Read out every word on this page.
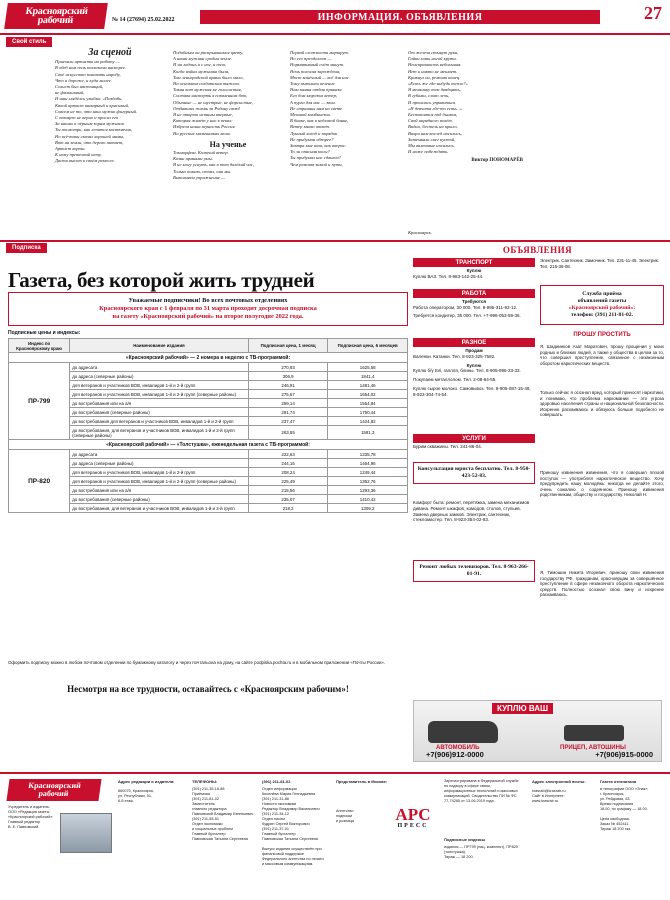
Красноярский
рабочий	№ 14 (27694) 25.02.2022	ИНФОРМАЦИЯ. ОБЪЯВЛЕНИЯ	27
Свой стиль
За сценой

Приехали артисты на работу —

В обед ном поль колхозном наскорее.

Своё искусство показать народу,

Что и дороже, и куда милее.

Солист был настоящий,

не фальшивый,

И наш глядёлсь улыбка: «Поздабь,

Какой артист шикарный и красивый,

Совсем не то, что наш мужик фигурный.

С певицею не верно и просил его

За наших к чёрным зорям мужиков.

Ты посмотри, как лепится костюмчик,

Но всё-таки сказал хорошей мамы,

Вот на земли, что дерево питает,

Артист хорош.

К нему претензий нету,

Дасти высот в своём ремесле.

Подобным он раскрывшимся цвету,

А наши мужики сродни земле.

И на ладонь и с ног, и поло,

Когда война мужишка была,

Там лениградской армии было мало,

На основном солдатская тяжела.

Такая вот мужская не голосистая,

Состава настерть в плюменном бою,

Обычные — не шустрые, не форсистые,

Отдавших жизнь за Родину свою!

Я не открою истины впервые,

Которая живёт у нас в веках:

Избрела наша верность Россия

На русских мальчишках моих.

На ученье

Токморфом. Колючий ветер.

Козни армиями умы.

Я не могу уснуть, как в тот далёкий час,

Только помню, стоял, она мы.

Выполняем упражнение —

Первой сложности маршрут.

Но его преодолеем —

Нормативный счёт минут.

Ночь полосая зарождена,

Мост конёчный — всё для нас.

Тому выполнен веление

Нам камня отдан приказа.

Его дом морозом ветер,

А пурга для нас — звон.

Не страшны нам на свете

Меховой комбинезон.

В банке, как в неделкой банке,

Ветер мягко ответ.

Лунный холод и порядок

Не придуман обзорее?

Завтра мне наш, как вопрос:

То ли опасная косы?

Ты придумал нас сдвигал?

Чем ремонт зимой и пути,

От железа стынут руки,

Гайки хоть ногой крути.

Неисправность небольшая.

Нет и никто не мешает.

Крикнул он, ремонт конец:

«Есть же где-нибудь тепло?»

Я механику тем двадцать,

В губами, слово лечь,

И прошлось управиться

«И девчата где-то есть...»

Беспокоится под дымом,

Свой нарядного полёт.

Видно, бестель на крыло.

Вихри нам вослед носились,

Затемняли снег пустой,

Мы вахтовые носились.

И ноже побеждать.

Виктор ПОНОМАРЁВ
Красноярск.
Подписка
Газета, без которой жить трудней
Уважаемые подписчики! Во всех почтовых отделениях
Красноярского края с 1 февраля по 31 марта проходит досрочная подписка
на газету «Красноярский рабочий» на второе полугодие 2022 года.
Подписные цены и индексы:
Индекс по Красноярскому краю	Наименование издания	Подписная цена, 1 месяц	Подписная цена, 6 месяцев
«Красноярский рабочий» — 2 номера в неделю с ТВ-программой:			
ПР-799	до адресата	270,93	1625,58
	до адреса (северные районы)	306,9	1841,4
	для ветеранов и участников ВОВ, инвалидов 1-й и 2-й групп	246,91	1481,46
	для ветеранов и участников ВОВ, инвалидов 1-й и 2-й групп (северные районы)	275,67	1654,02
	до востребования или на а/я	259,14	1554,84
	до востребования (северные районы)	291,74	1750,44
	до востребования для ветеранов и участников ВОВ, инвалидов 1-й и 2-й групп	237,47	1424,82
	до востребования, для ветеранов и участников ВОВ, инвалидов 1-й и 2-й групп (северные районы)	263,55	1581,3
«Красноярский рабочий» — «Толстушка», еженедельная газета с ТВ-программой:			
ПР-820	до адресата	222,63	1335,78
	до адреса (северные районы)	244,16	1464,96
	для ветеранов и участников ВОВ, инвалидов 1-й и 2-й групп	208,24	1249,44
	для ветеранов и участников ВОВ, инвалидов 1-й и 2-й групп (северные районы)	225,49	1352,76
	до востребования или на а/я	215,56	1293,36
	до востребования (северные районы)	235,07	1410,42
	до востребования, для ветеранов и участников ВОВ, инвалидов 1-й и 2-й групп	218,2	1309,2
Оформить подписку можно в любом почтовом отделении по бумажному каталогу и через почтальона на дому, на сайте podpiska.pochta.ru и в мобильном приложении «Почты России».
Несмотря на все трудности, оставайтесь с «Красноярским рабочим»!
ОБЪЯВЛЕНИЯ
ТРАНСПОРТ
Куплю
Куплю ВАЗ. Тел. 8-983-142-25-44.
РАБОТА
Требуются
Работа оператором, 30 000. Тел. 8-995-311-92-12.
Требуется кондитер, 35 000. Тел. +7-996-053-59-36.
РАЗНОЕ
Продам
Валенки. Катанки. Тел. 8-923-325-7582.
Куплю
Куплю б/у türi, гаплля, блины. Тел. 8-905-996-23-33.
Покупаем металлолом. Тел. 2-08-64-55.
Куплю сырое молоко. Самовывоз. Тел. 8-905-087-15-49, 8-923-304-74-54.
УСЛУГИ
Бурим скважины. Тел. 241-86-04.
Консультация юриста бесплатно. Тел. 8-950-423-52-83.
Комфорт быта: ремонт, перетяжка, замена механизмов дивана. Ремонт шкафов, комодов, столов, стульев. Замена дверных замков. Электрик, сантехник, стекломастер. Тел. 8-923-354-02-83.
Ремонт любых телевизоров. Тел. 8-963-266-01-91.
Электрик. Сантехник. Замочник. Тел. 231-11-45. Электрик. Тел. 215-36-08.
Служба приёма
объявлений газеты
«Красноярский рабочий»:
телефон: (391) 211-81-02.
ПРОШУ ПРОСТИТЬ
Я, Шадиинков Азат Маратович, прошу прощения у моих родных и близких людей, а также у общества в целом за то, что совершил преступление, связанное с незаконным оборотом наркотических веществ.
Только сейчас я осознал вред, который приносят наркотики, и понимаю, что проблема наркомании — это угроза здоровью населения страны и национальной безопасности. Искренне раскаиваюсь и обязуюсь больше подобного не совершать.
Приношу извинения извинения, что я совершил плохой поступок — употреблял наркотическое вещество. Хочу предупредить нашу молодёжь: никогда не делайте этого, очень сожалею о содеянном. Приношу извинения родственникам, обществу и государству. Николай Н.
Я, Тимошин Никита Игоревич, приношу свои извинения государству РФ, гражданам, красноярцам за совершённое преступление в сфере незаконного оборота наркотических средств. Полностью осознал свою вину и искренне раскаиваюсь.
КУПЛЮ ВАШ
АВТОМОБИЛЬ	ПРИЦЕП, АВТОШИНЫ
+7(906)912-0000	+7(906)915-0000
Красноярский
рабочий
Учредитель и издатель:
ООО «Редакция газеты
«Красноярский рабочий».
Главный редактор
В. Е. Павловский.
Адрес редакции и издателя:
660075, Красноярск,
ул. Республики, 51,
6-й этаж.
ТЕЛЕФОНЫ:
(391) 211-35-16-88
Приёмная
(391) 211-81-02
Заместитель
главного редактора
Павловский Владимир Евгеньевич
(391) 211-55-51
Отдел экономики
и социальных проблем
Главный бухгалтер
Павловская Татьяна Сергеевна
(391) 211-81-02
Отдел информации
Киселёва Мария Геннадьевна
(391) 211-31-86
Новости экономики
Редактор Владимир Васильевич
(391) 211-34-12
Отдел писем
Кудрин Сергей Викторович
(391) 211-37-01
Главный бухгалтер
Павловская Татьяна Сергеевна

Выпуск издания осуществлён при финансовой поддержке Федерального агентства по печати и массовым коммуникациям.
Представитель в Москве:
АРС
ПРЕСС
Агентство
подписки
и розницы
Зарегистрирована в Федеральной службе по надзору в сфере связи, информационных технологий и массовых коммуникаций. Свидетельство ПИ № ФС 77-74265 от 13.06.2019 года.
Подписные индексы
издания — ПР799 (нац. комплект), ПР820 (толстушка).
Тираж — 18 200.
Адрес электронной почты:
krasrab@krasrab.ru
Сайт в Интернете:
www.krasrab.ru
Газета отпечатана
в типографии ООО «Знак»,
г. Красноярск,
ул. Рейдовая, 63.
Время подписания
18.00, по графику — 18.00.

Цена свободная.
Заказ № 452411.
Тираж 18 200 экз.
